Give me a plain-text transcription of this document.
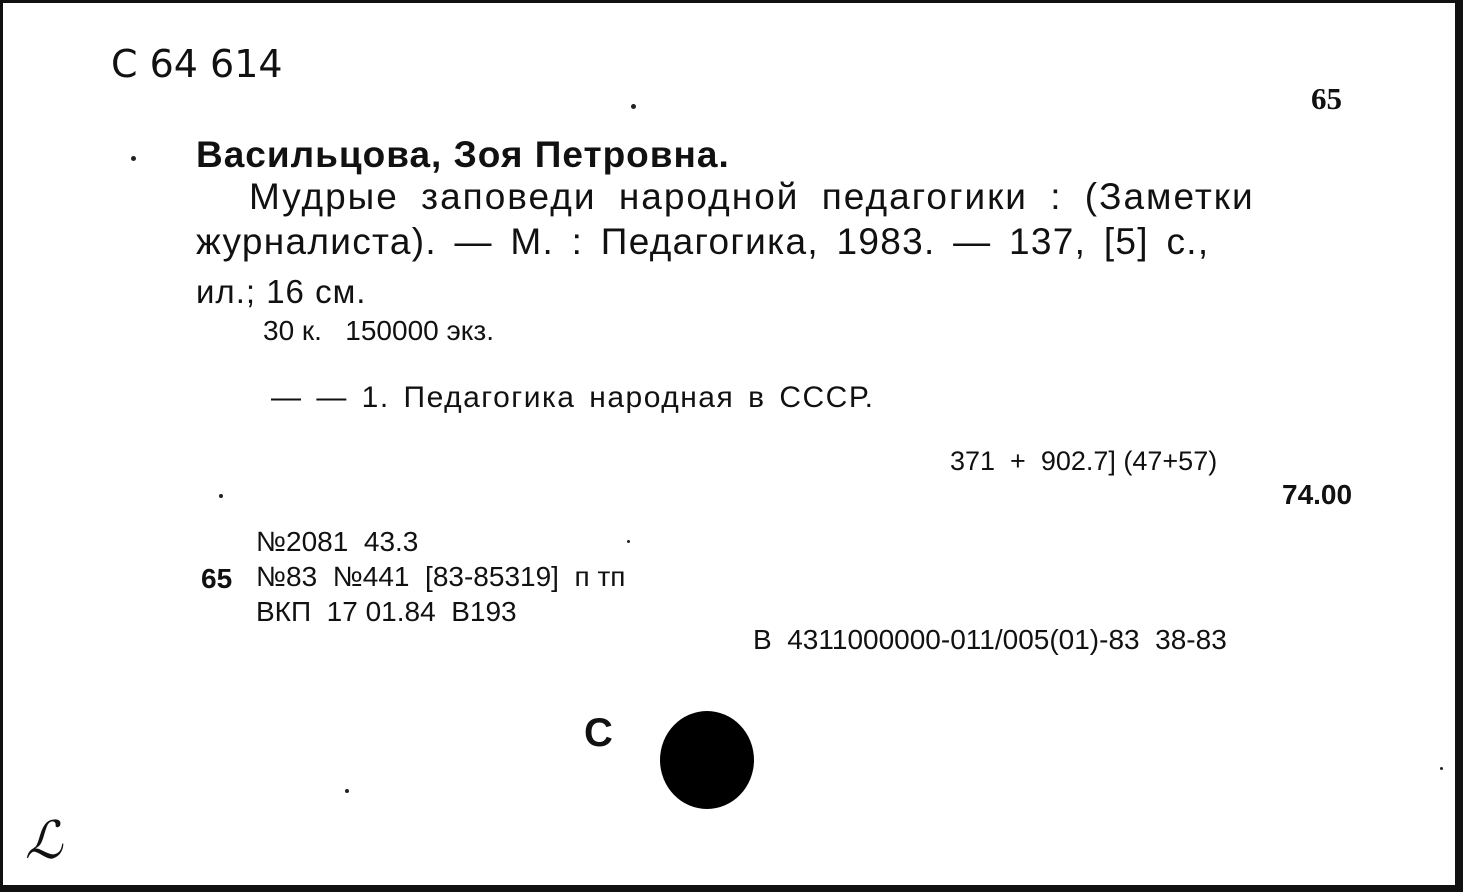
С 64 614
65
Васильцова, Зоя Петровна.
Мудрые заповеди народной педагогики : (Заметки
журналиста). — М. : Педагогика, 1983. — 137, [5] с.,
ил.; 16 см.
30 к.   150000 экз.
— — 1. Педагогика народная в СССР.
371  +  902.7] (47+57)
74.00
№2081  43.3
65 №83  №441  [83-85319]  п тп
ВКП  17 01.84  В193
В  4311000000-011/005(01)-83  38-83
С
ℒ
